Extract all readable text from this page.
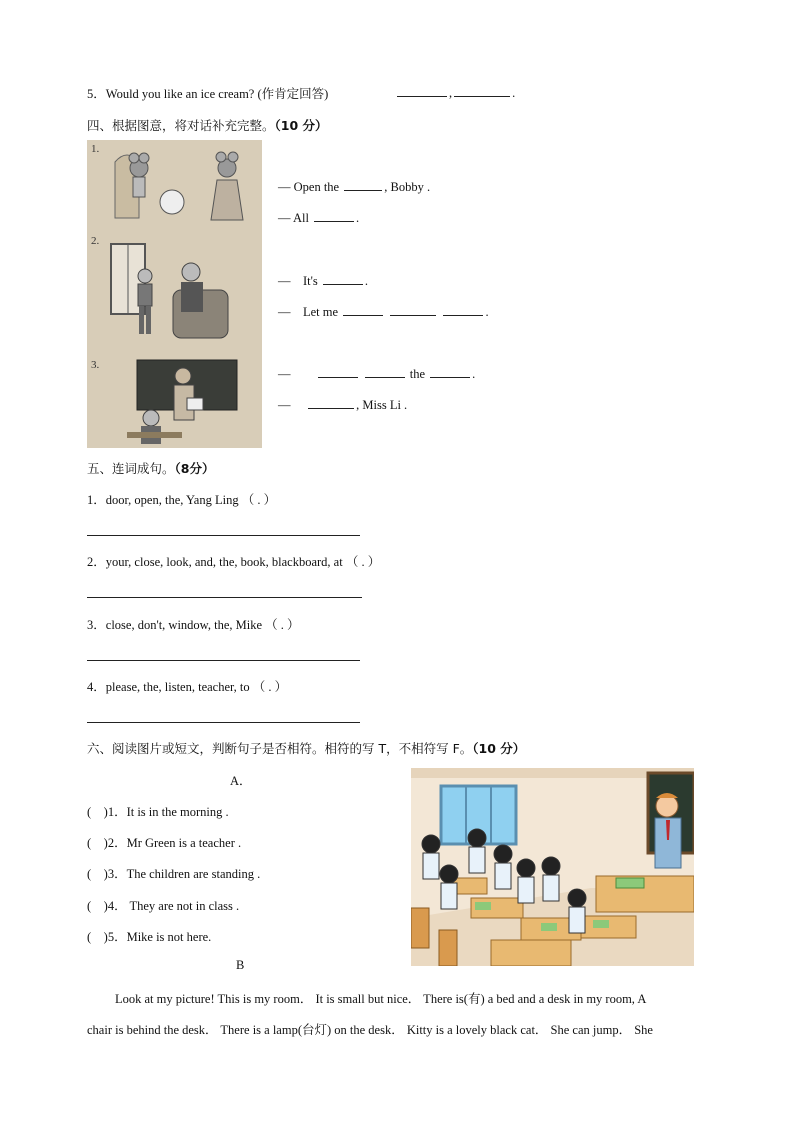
5．Would you like an ice cream? (作肯定回答)	,	.
四、根据图意，将对话补充完整。（10 分）
1.
2.
3.
— Open the	, Bobby .
— All	.
— It's	.
— Let me	.
—	the	.
—	, Miss Li .
五、连词成句。（8分）
1．door, open, the, Yang Ling （ . ）
2．your, close, look, and, the, book, blackboard, at （ . ）
3．close, don't, window, the, Mike （ . ）
4．please, the, listen, teacher, to （ . ）
六、阅读图片或短文，判断句子是否相符。相符的写 T，不相符写 F。（10 分）
A．
(　)1．It is in the morning .
(　)2．Mr Green is a teacher .
(　)3．The children are standing .
(　)4． They are not in class .
(　)5．Mike is not here.
B
Look at my picture! This is my room． It is small but nice． There is(有) a bed and a desk in my room, A
chair is behind the desk． There is a lamp(台灯) on the desk． Kitty is a lovely black cat． She can jump． She
